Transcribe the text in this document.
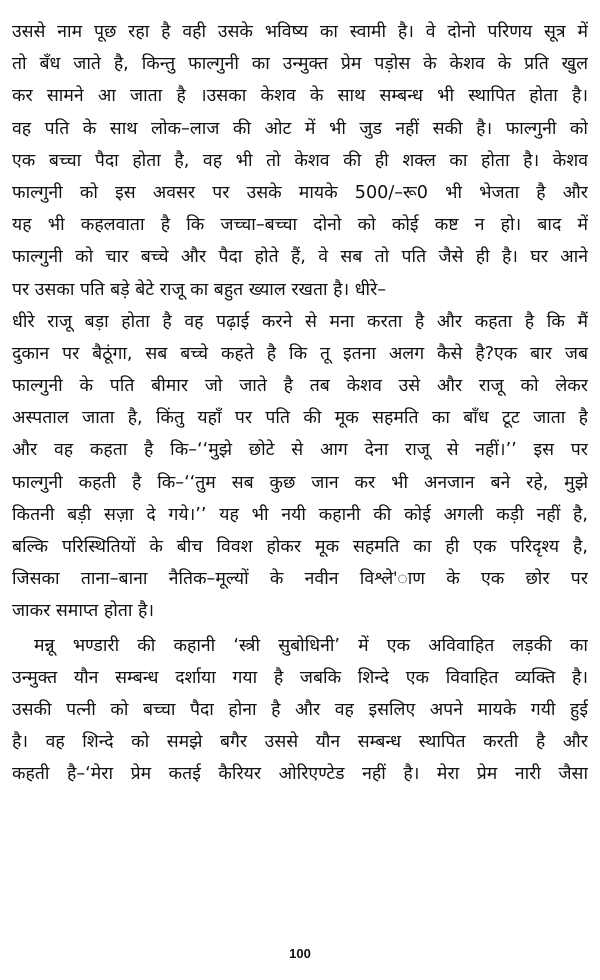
उससे नाम पूछ रहा है वही उसके भविष्य का स्वामी है। वे दोनो परिणय सूत्र में
तो बँध जाते है, किन्तु फाल्गुनी का उन्मुक्त प्रेम पड़ोस के केशव के प्रति खुल
कर सामने आ जाता है ।उसका केशव के साथ सम्बन्ध भी स्थापित होता है।
वह पति के साथ लोक–लाज की ओट में भी जुड नहीं सकी है। फाल्गुनी को
एक बच्चा पैदा होता है, वह भी तो केशव की ही शक्ल का होता है। केशव
फाल्गुनी को इस अवसर पर उसके मायके 500/–रू0 भी भेजता है और
यह भी कहलवाता है कि जच्चा–बच्चा दोनो को कोई कष्ट न हो। बाद में
फाल्गुनी को चार बच्चे और पैदा होते हैं, वे सब तो पति जैसे ही है। घर आने
पर उसका पति बड़े बेटे राजू का बहुत ख्याल रखता है। धीरे–
धीरे राजू बड़ा होता है वह पढ़ाई करने से मना करता है और कहता है कि मैं
दुकान पर बैठूंगा, सब बच्चे कहते है कि तू इतना अलग कैसे है?एक बार जब
फाल्गुनी के पति बीमार जो जाते है तब केशव उसे और राजू को लेकर
अस्पताल जाता है, किंतु यहाँ पर पति की मूक सहमति का बाँध टूट जाता है
और वह कहता है कि–‘‘मुझे छोटे से आग देना राजू से नहीं।’’ इस पर
फाल्गुनी कहती है कि–‘‘तुम सब कुछ जान कर भी अनजान बने रहे, मुझे
कितनी बड़ी सज़ा दे गये।’’ यह भी नयी कहानी की कोई अगली कड़ी नहीं है,
बल्कि परिस्थितियों के बीच विवश होकर मूक सहमति का ही एक परिदृश्य है,
जिसका ताना–बाना नैतिक–मूल्यों के नवीन विश्ले'ाण के एक छोर पर
जाकर समाप्त होता है।
मन्नू भण्डारी की कहानी ‘स्त्री सुबोधिनी’ में एक अविवाहित लड़की का
उन्मुक्त यौन सम्बन्ध दर्शाया गया है जबकि शिन्दे एक विवाहित व्यक्ति है।
उसकी पत्नी को बच्चा पैदा होना है और वह इसलिए अपने मायके गयी हुई
है। वह शिन्दे को समझे बगैर उससे यौन सम्बन्ध स्थापित करती है और
कहती है–‘मेरा प्रेम कतई कैरियर ओरिएण्टेड नहीं है। मेरा प्रेम नारी जैसा
100
